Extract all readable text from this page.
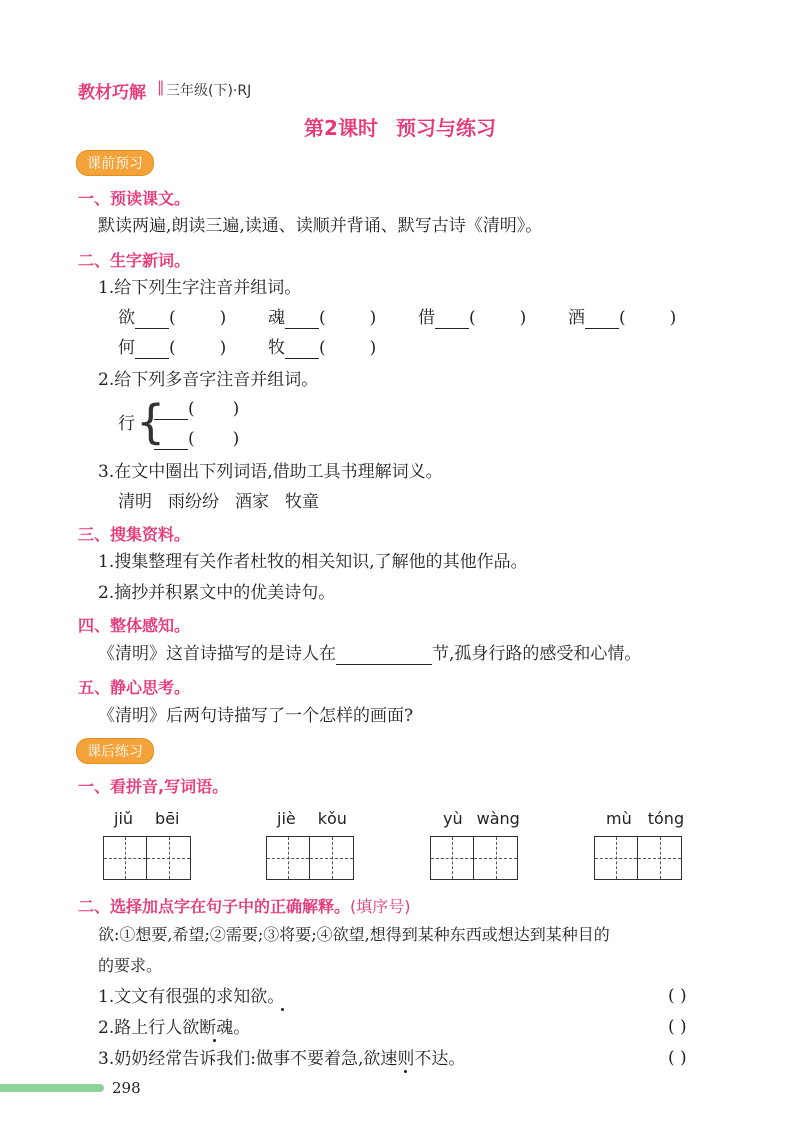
教材巧解 ‖ 三年级(下)·RJ
第2课时 预习与练习
课前预习
一、预读课文。
默读两遍,朗读三遍,读通、读顺并背诵、默写古诗《清明》。
二、生字新词。
1.给下列生字注音并组词。
欲 (	) 魂 (	) 借 (	) 酒 (	)
何 (	) 牧 (	)
2.给下列多音字注音并组词。
行 {	( )
( )
3.在文中圈出下列词语,借助工具书理解词义。
清明 雨纷纷 酒家 牧童
三、搜集资料。
1.搜集整理有关作者杜牧的相关知识,了解他的其他作品。
2.摘抄并积累文中的优美诗句。
四、整体感知。
《清明》这首诗描写的是诗人在	节,孤身行路的感受和心情。
五、静心思考。
《清明》后两句诗描写了一个怎样的画面?
课后练习
一、看拼音,写词语。
jiǔ bēi	jiè kǒu	yù wàng	mù tóng
二、选择加点字在句子中的正确解释。(填序号)
欲:①想要,希望;②需要;③将要;④欲望,想得到某种东西或想达到某种目的
的要求。
1.文文有很强的求知欲。	( )
2.路上行人欲断魂。	( )
3.奶奶经常告诉我们:做事不要着急,欲速则不达。	( )
298
